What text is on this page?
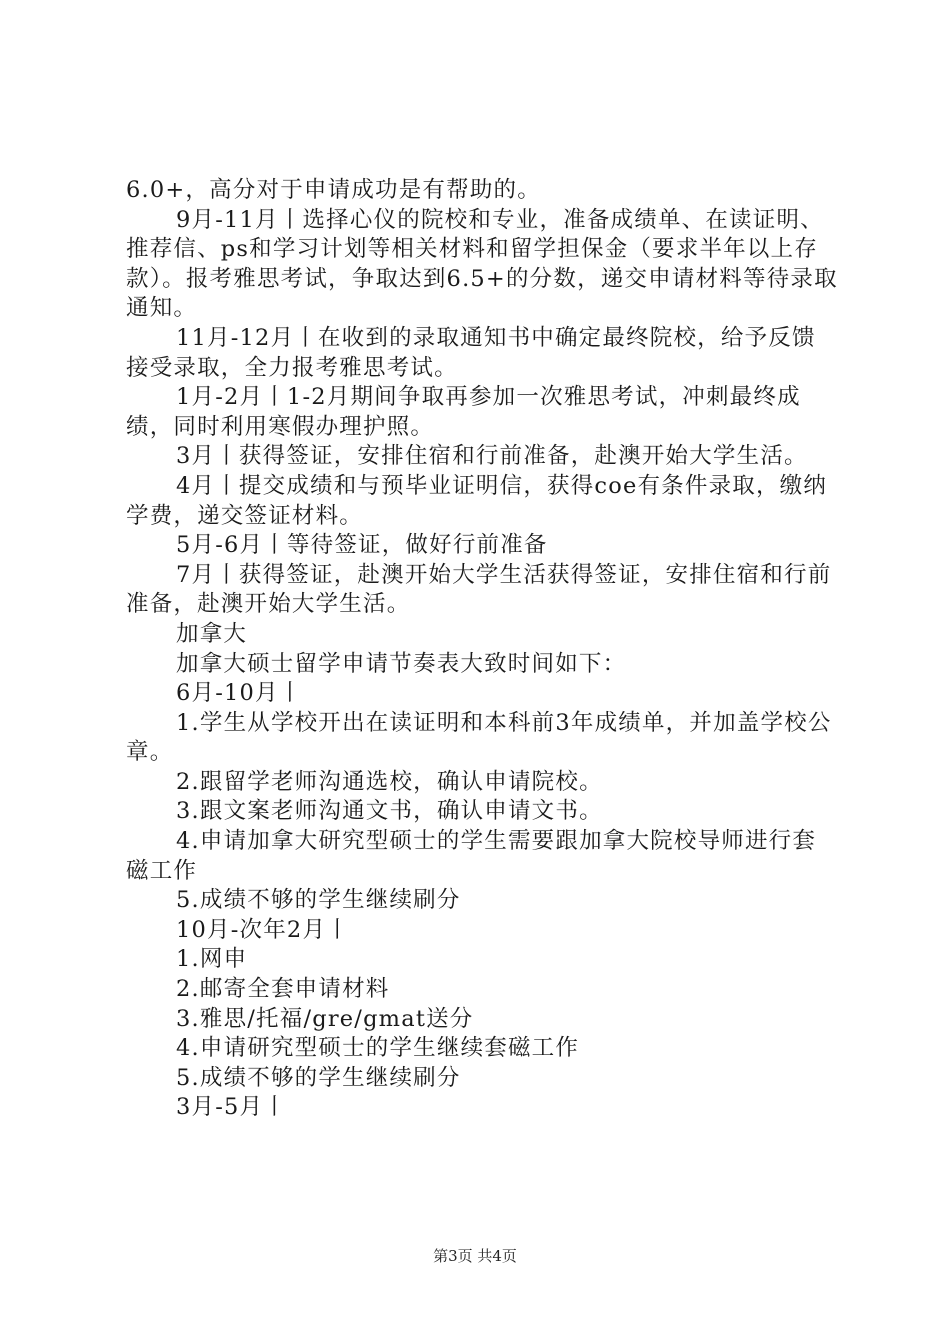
6.0+，高分对于申请成功是有帮助的。

9月-11月丨选择心仪的院校和专业，准备成绩单、在读证明、推荐信、ps和学习计划等相关材料和留学担保金（要求半年以上存款）。报考雅思考试，争取达到6.5+的分数，递交申请材料等待录取通知。

11月-12月丨在收到的录取通知书中确定最终院校，给予反馈接受录取，全力报考雅思考试。

1月-2月丨1-2月期间争取再参加一次雅思考试，冲刺最终成绩，同时利用寒假办理护照。

3月丨获得签证，安排住宿和行前准备，赴澳开始大学生活。

4月丨提交成绩和与预毕业证明信，获得coe有条件录取，缴纳学费，递交签证材料。

5月-6月丨等待签证，做好行前准备

7月丨获得签证，赴澳开始大学生活获得签证，安排住宿和行前准备，赴澳开始大学生活。

加拿大

加拿大硕士留学申请节奏表大致时间如下：

6月-10月丨

1.学生从学校开出在读证明和本科前3年成绩单，并加盖学校公章。

2.跟留学老师沟通选校，确认申请院校。

3.跟文案老师沟通文书，确认申请文书。

4.申请加拿大研究型硕士的学生需要跟加拿大院校导师进行套磁工作

5.成绩不够的学生继续刷分

10月-次年2月丨

1.网申

2.邮寄全套申请材料

3.雅思/托福/gre/gmat送分

4.申请研究型硕士的学生继续套磁工作

5.成绩不够的学生继续刷分

3月-5月丨

第3页 共4页
